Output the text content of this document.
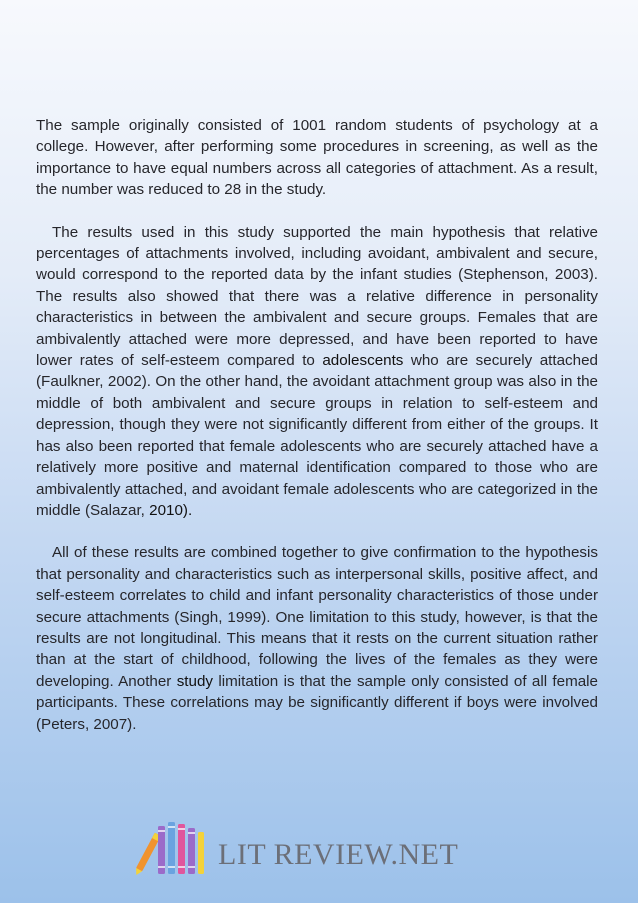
The sample originally consisted of 1001 random students of psychology at a college. However, after performing some procedures in screening, as well as the importance to have equal numbers across all categories of attachment. As a result, the number was reduced to 28 in the study.

The results used in this study supported the main hypothesis that relative percentages of attachments involved, including avoidant, ambivalent and secure, would correspond to the reported data by the infant studies (Stephenson, 2003). The results also showed that there was a relative difference in personality characteristics in between the ambivalent and secure groups. Females that are ambivalently attached were more depressed, and have been reported to have lower rates of self-esteem compared to adolescents who are securely attached (Faulkner, 2002). On the other hand, the avoidant attachment group was also in the middle of both ambivalent and secure groups in relation to self-esteem and depression, though they were not significantly different from either of the groups. It has also been reported that female adolescents who are securely attached have a relatively more positive and maternal identification compared to those who are ambivalently attached, and avoidant female adolescents who are categorized in the middle (Salazar, 2010).

All of these results are combined together to give confirmation to the hypothesis that personality and characteristics such as interpersonal skills, positive affect, and self-esteem correlates to child and infant personality characteristics of those under secure attachments (Singh, 1999). One limitation to this study, however, is that the results are not longitudinal. This means that it rests on the current situation rather than at the start of childhood, following the lives of the females as they were developing. Another study limitation is that the sample only consisted of all female participants. These correlations may be significantly different if boys were involved (Peters, 2007).

LIT REVIEW.NET
